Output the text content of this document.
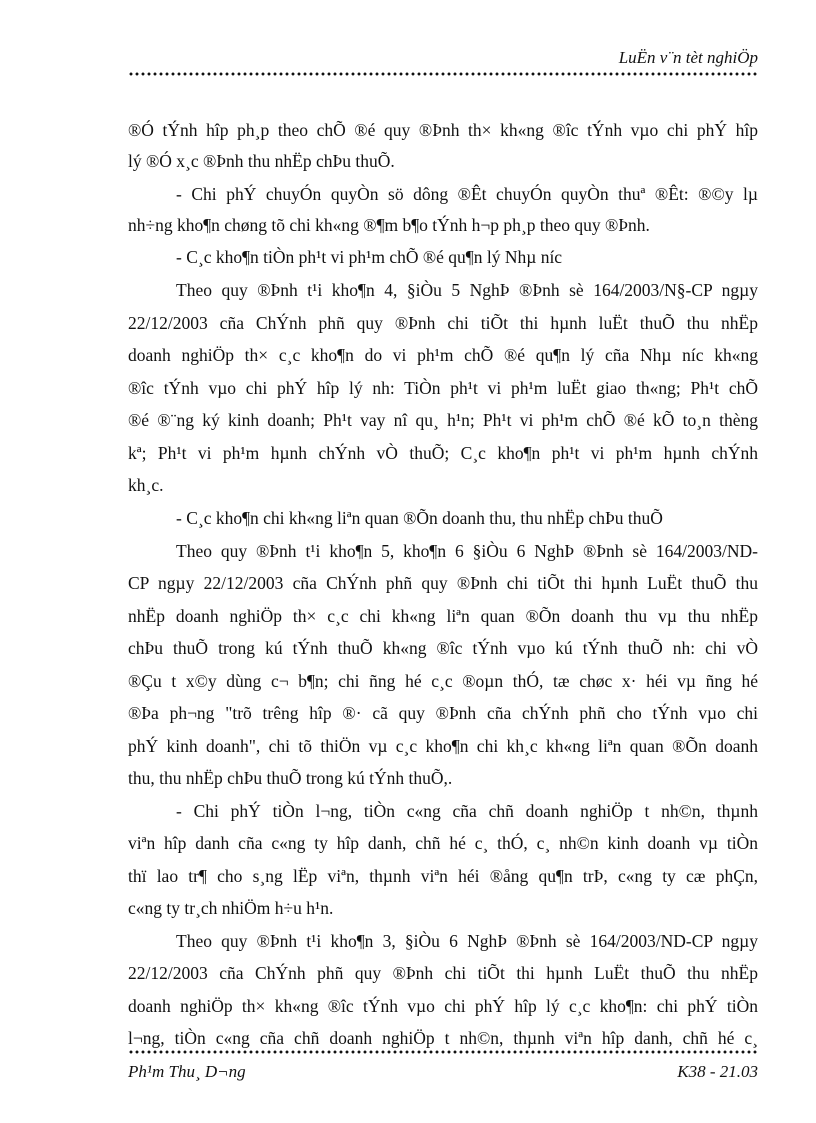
LuËn v¨n tèt nghiÖp
®Ó tÝnh hîp ph¸p theo chÕ ®é quy ®Þnh th× kh«ng ®îc tÝnh vµo chi phÝ hîp
lý ®Ó x¸c ®Þnh thu nhËp chÞu thuÕ.
- Chi phÝ chuyÓn quyÒn sö dông ®Êt chuyÓn quyÒn thuª ®Êt: ®©y lµ
nh÷ng kho¶n chøng tõ chi kh«ng ®¶m b¶o tÝnh h¬p ph¸p theo quy ®Þnh.
- C¸c kho¶n tiÒn ph¹t vi ph¹m chÕ ®é qu¶n lý Nhµ níc
Theo quy ®Þnh t¹i kho¶n 4, §iÒu 5 NghÞ ®Þnh sè 164/2003/N§-CP ngµy
22/12/2003 cña ChÝnh phñ quy ®Þnh chi tiÕt thi hµnh luËt thuÕ thu nhËp
doanh nghiÖp th× c¸c kho¶n do vi ph¹m chÕ ®é qu¶n lý cña Nhµ níc kh«ng
®îc tÝnh vµo chi phÝ hîp lý nh: TiÒn ph¹t vi ph¹m luËt giao th«ng; Ph¹t chÕ
®é ®¨ng ký kinh doanh; Ph¹t vay nî qu¸ h¹n; Ph¹t vi ph¹m chÕ ®é kÕ to¸n thèng
kª; Ph¹t vi ph¹m hµnh chÝnh vÒ thuÕ; C¸c kho¶n ph¹t vi ph¹m hµnh chÝnh
kh¸c.
- C¸c kho¶n chi kh«ng liªn quan ®Õn doanh thu, thu nhËp chÞu thuÕ
Theo quy ®Þnh t¹i kho¶n 5, kho¶n 6 §iÒu 6 NghÞ ®Þnh sè 164/2003/ND-
CP ngµy 22/12/2003 cña ChÝnh phñ quy ®Þnh chi tiÕt thi hµnh LuËt thuÕ thu
nhËp doanh nghiÖp th× c¸c chi kh«ng liªn quan ®Õn doanh thu vµ thu nhËp
chÞu thuÕ trong kú tÝnh thuÕ kh«ng ®îc tÝnh vµo kú tÝnh thuÕ nh: chi vÒ
®Çu t x©y dùng c¬ b¶n; chi ñng hé c¸c ®oµn thÓ, tæ chøc x· héi vµ ñng hé
®Þa ph¬ng "trõ trêng hîp ®· cã quy ®Þnh cña chÝnh phñ cho tÝnh vµo chi
phÝ kinh doanh", chi tõ thiÖn vµ c¸c kho¶n chi kh¸c kh«ng liªn quan ®Õn doanh
thu, thu nhËp chÞu thuÕ trong kú tÝnh thuÕ,.
- Chi phÝ tiÒn l¬ng, tiÒn c«ng cña chñ doanh nghiÖp t nh©n, thµnh
viªn hîp danh cña c«ng ty hîp danh, chñ hé c¸ thÓ, c¸ nh©n kinh doanh vµ tiÒn
thï lao tr¶ cho s¸ng lËp viªn, thµnh viªn héi ®ång qu¶n trÞ, c«ng ty cæ phÇn,
c«ng ty tr¸ch nhiÖm h÷u h¹n.
Theo quy ®Þnh t¹i kho¶n 3, §iÒu 6 NghÞ ®Þnh sè 164/2003/ND-CP ngµy
22/12/2003 cña ChÝnh phñ quy ®Þnh chi tiÕt thi hµnh LuËt thuÕ thu nhËp
doanh nghiÖp th× kh«ng ®îc tÝnh vµo chi phÝ hîp lý c¸c kho¶n: chi phÝ tiÒn
l¬ng, tiÒn c«ng cña chñ doanh nghiÖp t nh©n, thµnh viªn hîp danh, chñ hé c¸
Ph¹m Thu¸ D¬ng	K38 - 21.03
